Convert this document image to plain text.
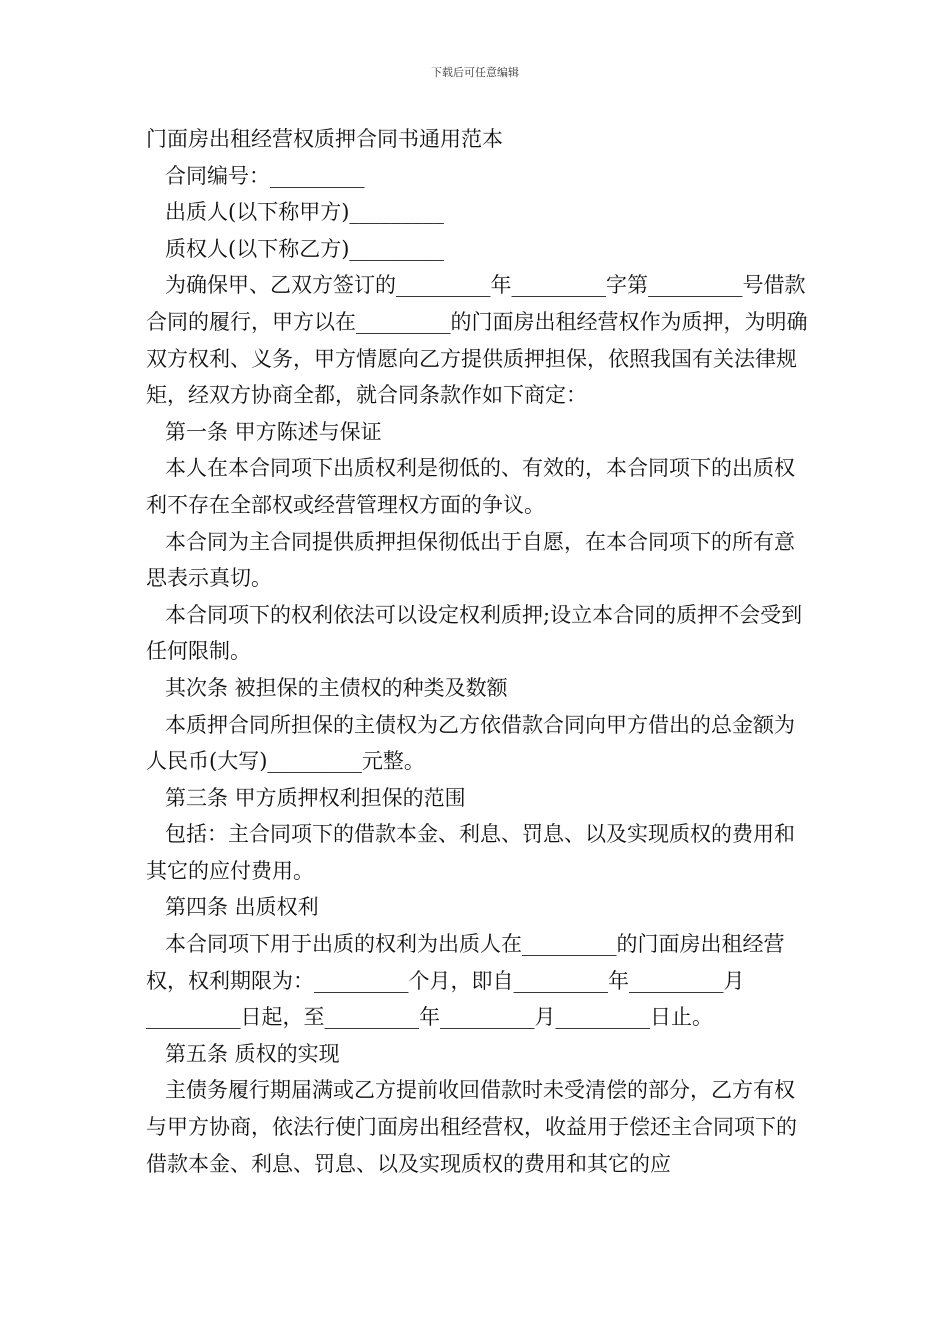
下载后可任意编辑

门面房出租经营权质押合同书通用范本

合同编号：_________

出质人(以下称甲方)_________

质权人(以下称乙方)_________

为确保甲、乙双方签订的_________年_________字第_________号借款合同的履行，甲方以在_________的门面房出租经营权作为质押，为明确双方权利、义务，甲方情愿向乙方提供质押担保，依照我国有关法律规矩，经双方协商全都，就合同条款作如下商定：

第一条 甲方陈述与保证

本人在本合同项下出质权利是彻低的、有效的，本合同项下的出质权利不存在全部权或经营管理权方面的争议。

本合同为主合同提供质押担保彻低出于自愿，在本合同项下的所有意思表示真切。

本合同项下的权利依法可以设定权利质押;设立本合同的质押不会受到任何限制。

其次条 被担保的主债权的种类及数额

本质押合同所担保的主债权为乙方依借款合同向甲方借出的总金额为人民币(大写)_________元整。

第三条 甲方质押权利担保的范围

包括：主合同项下的借款本金、利息、罚息、以及实现质权的费用和其它的应付费用。

第四条 出质权利

本合同项下用于出质的权利为出质人在_________的门面房出租经营权，权利期限为：_________个月，即自_________年_________月_________日起，至_________年_________月_________日止。

第五条 质权的实现

主债务履行期届满或乙方提前收回借款时未受清偿的部分，乙方有权与甲方协商，依法行使门面房出租经营权，收益用于偿还主合同项下的借款本金、利息、罚息、以及实现质权的费用和其它的应
